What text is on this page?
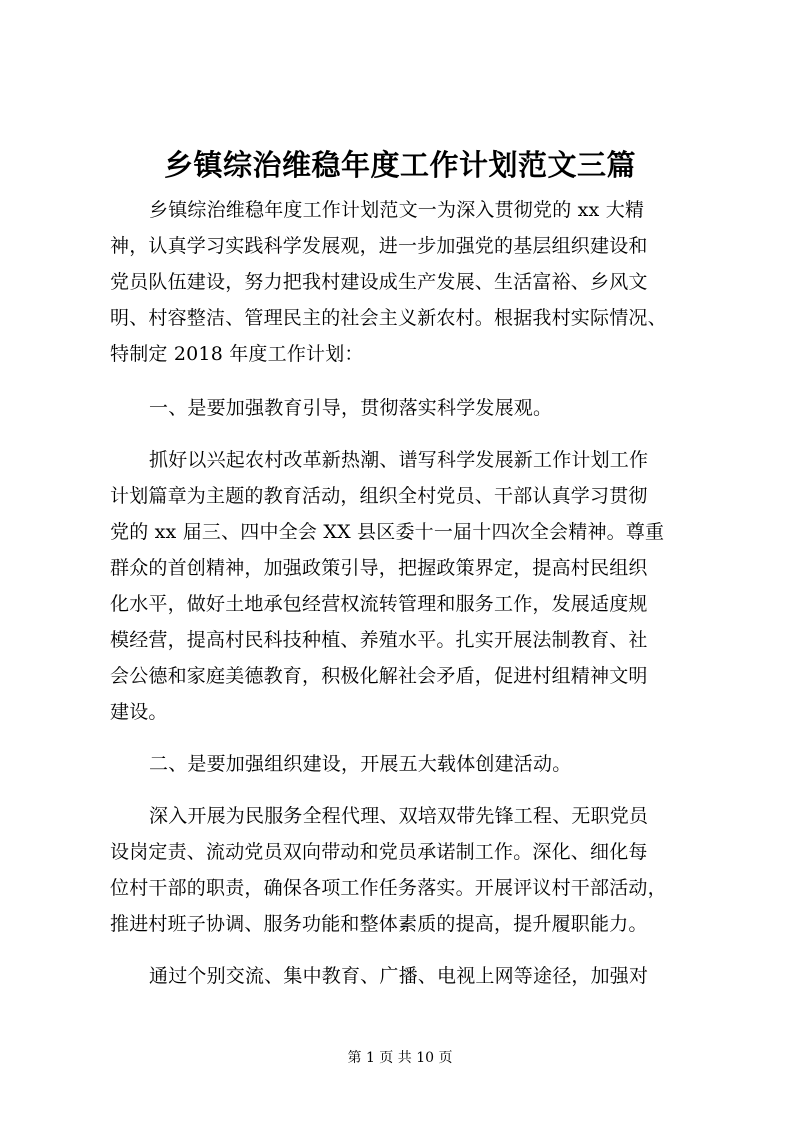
乡镇综治维稳年度工作计划范文三篇
乡镇综治维稳年度工作计划范文一为深入贯彻党的 xx 大精
神，认真学习实践科学发展观，进一步加强党的基层组织建设和
党员队伍建设，努力把我村建设成生产发展、生活富裕、乡风文
明、村容整洁、管理民主的社会主义新农村。根据我村实际情况、
特制定 2018 年度工作计划：
一、是要加强教育引导，贯彻落实科学发展观。
抓好以兴起农村改革新热潮、谱写科学发展新工作计划工作
计划篇章为主题的教育活动，组织全村党员、干部认真学习贯彻
党的 xx 届三、四中全会 XX 县区委十一届十四次全会精神。尊重
群众的首创精神，加强政策引导，把握政策界定，提高村民组织
化水平，做好土地承包经营权流转管理和服务工作，发展适度规
模经营，提高村民科技种植、养殖水平。扎实开展法制教育、社
会公德和家庭美德教育，积极化解社会矛盾，促进村组精神文明
建设。
二、是要加强组织建设，开展五大载体创建活动。
深入开展为民服务全程代理、双培双带先锋工程、无职党员
设岗定责、流动党员双向带动和党员承诺制工作。深化、细化每
位村干部的职责，确保各项工作任务落实。开展评议村干部活动，
推进村班子协调、服务功能和整体素质的提高，提升履职能力。
通过个别交流、集中教育、广播、电视上网等途径，加强对
第 1 页 共 10 页
